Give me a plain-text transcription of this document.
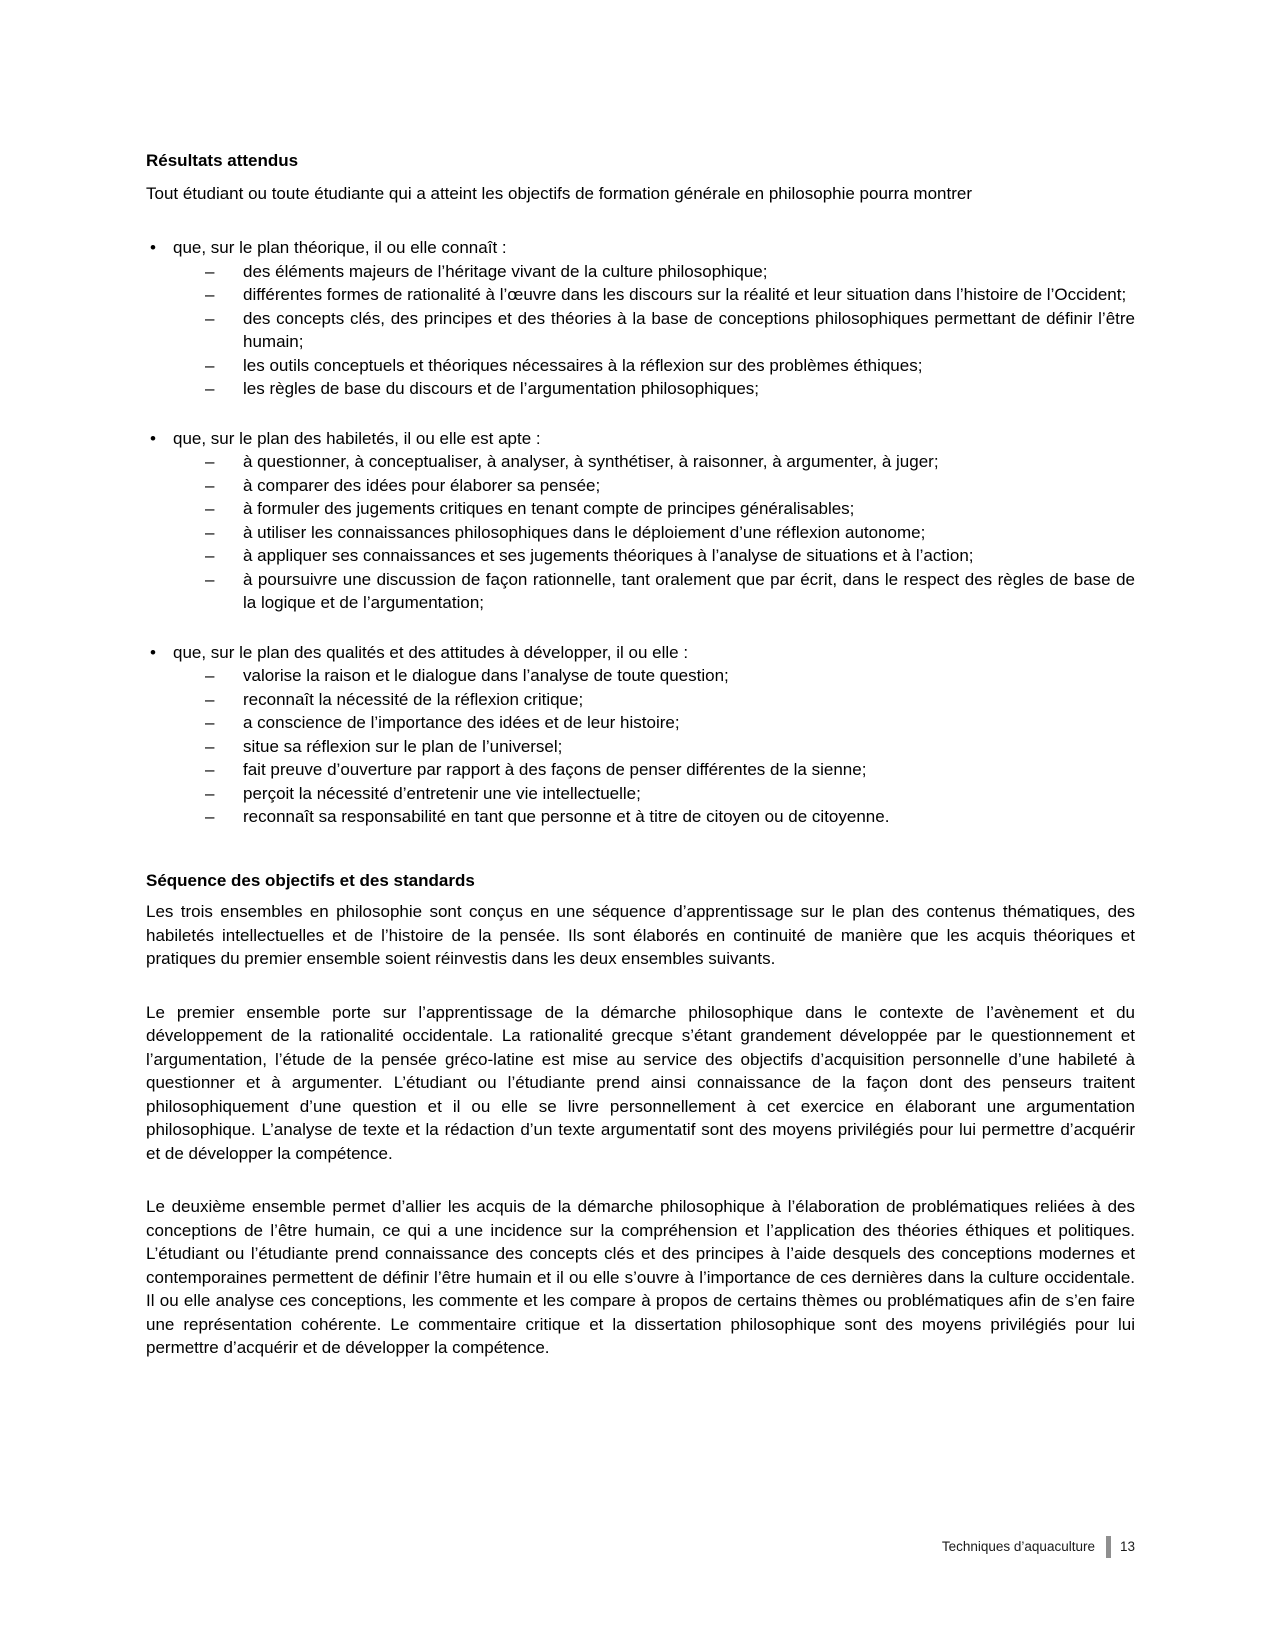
Résultats attendus

Tout étudiant ou toute étudiante qui a atteint les objectifs de formation générale en philosophie pourra montrer

•	que, sur le plan théorique, il ou elle connaît :
–	des éléments majeurs de l’héritage vivant de la culture philosophique;
–	différentes formes de rationalité à l’œuvre dans les discours sur la réalité et leur situation dans l’histoire de l’Occident;
–	des concepts clés, des principes et des théories à la base de conceptions philosophiques permettant de définir l’être humain;
–	les outils conceptuels et théoriques nécessaires à la réflexion sur des problèmes éthiques;
–	les règles de base du discours et de l’argumentation philosophiques;
•	que, sur le plan des habiletés, il ou elle est apte :
–	à questionner, à conceptualiser, à analyser, à synthétiser, à raisonner, à argumenter, à juger;
–	à comparer des idées pour élaborer sa pensée;
–	à formuler des jugements critiques en tenant compte de principes généralisables;
–	à utiliser les connaissances philosophiques dans le déploiement d’une réflexion autonome;
–	à appliquer ses connaissances et ses jugements théoriques à l’analyse de situations et à l’action;
–	à poursuivre une discussion de façon rationnelle, tant oralement que par écrit, dans le respect des règles de base de la logique et de l’argumentation;
•	que, sur le plan des qualités et des attitudes à développer, il ou elle :
–	valorise la raison et le dialogue dans l’analyse de toute question;
–	reconnaît la nécessité de la réflexion critique;
–	a conscience de l’importance des idées et de leur histoire;
–	situe sa réflexion sur le plan de l’universel;
–	fait preuve d’ouverture par rapport à des façons de penser différentes de la sienne;
–	perçoit la nécessité d’entretenir une vie intellectuelle;
–	reconnaît sa responsabilité en tant que personne et à titre de citoyen ou de citoyenne.
Séquence des objectifs et des standards

Les trois ensembles en philosophie sont conçus en une séquence d’apprentissage sur le plan des contenus thématiques, des habiletés intellectuelles et de l’histoire de la pensée. Ils sont élaborés en continuité de manière que les acquis théoriques et pratiques du premier ensemble soient réinvestis dans les deux ensembles suivants.

Le premier ensemble porte sur l’apprentissage de la démarche philosophique dans le contexte de l’avènement et du développement de la rationalité occidentale. La rationalité grecque s’étant grandement développée par le questionnement et l’argumentation, l’étude de la pensée gréco-latine est mise au service des objectifs d’acquisition personnelle d’une habileté à questionner et à argumenter. L’étudiant ou l’étudiante prend ainsi connaissance de la façon dont des penseurs traitent philosophiquement d’une question et il ou elle se livre personnellement à cet exercice en élaborant une argumentation philosophique. L’analyse de texte et la rédaction d’un texte argumentatif sont des moyens privilégiés pour lui permettre d’acquérir et de développer la compétence.

Le deuxième ensemble permet d’allier les acquis de la démarche philosophique à l’élaboration de problématiques reliées à des conceptions de l’être humain, ce qui a une incidence sur la compréhension et l’application des théories éthiques et politiques. L’étudiant ou l’étudiante prend connaissance des concepts clés et des principes à l’aide desquels des conceptions modernes et contemporaines permettent de définir l’être humain et il ou elle s’ouvre à l’importance de ces dernières dans la culture occidentale. Il ou elle analyse ces conceptions, les commente et les compare à propos de certains thèmes ou problématiques afin de s’en faire une représentation cohérente. Le commentaire critique et la dissertation philosophique sont des moyens privilégiés pour lui permettre d’acquérir et de développer la compétence.

Techniques d’aquaculture 13
